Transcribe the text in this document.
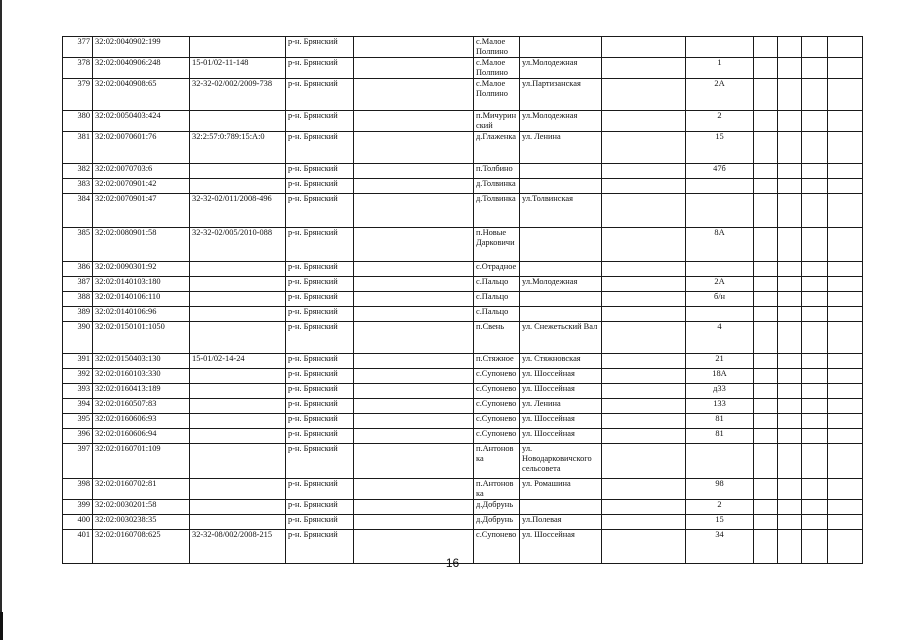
377	32:02:0040902:199		р-н. Брянский		с.Малое Полпино							
378	32:02:0040906:248	15-01/02-11-148	р-н. Брянский		с.Малое Полпино	ул.Молодежная		1				
379	32:02:0040908:65	32-32-02/002/2009-738	р-н. Брянский		с.Малое Полпино	ул.Партизанская		2А				
380	32:02:0050403:424		р-н. Брянский		п.Мичуринский	ул.Молодежная		2				
381	32:02:0070601:76	32:2:57:0:789:15:А:0	р-н. Брянский		д.Глаженка	ул. Ленина		15				
382	32:02:0070703:6		р-н. Брянский		п.Толбино			47б				
383	32:02:0070901:42		р-н. Брянский		д.Толвинка							
384	32:02:0070901:47	32-32-02/011/2008-496	р-н. Брянский		д.Толвинка	ул.Толвинская						
385	32:02:0080901:58	32-32-02/005/2010-088	р-н. Брянский		п.Новые Дарковичи			8А				
386	32:02:0090301:92		р-н. Брянский		с.Отрадное							
387	32:02:0140103:180		р-н. Брянский		с.Пальцо	ул.Молодежная		2А				
388	32:02:0140106:110		р-н. Брянский		с.Пальцо			б/н				
389	32:02:0140106:96		р-н. Брянский		с.Пальцо							
390	32:02:0150101:1050		р-н. Брянский		п.Свень	ул. Снежетьский Вал		4				
391	32:02:0150403:130	15-01/02-14-24	р-н. Брянский		п.Стяжное	ул. Стяжновская		21				
392	32:02:0160103:330		р-н. Брянский		с.Супонево	ул. Шоссейная		18А				
393	32:02:0160413:189		р-н. Брянский		с.Супонево	ул. Шоссейная		д33				
394	32:02:0160507:83		р-н. Брянский		с.Супонево	ул. Ленина		133				
395	32:02:0160606:93		р-н. Брянский		с.Супонево	ул. Шоссейная		81				
396	32:02:0160606:94		р-н. Брянский		с.Супонево	ул. Шоссейная		81				
397	32:02:0160701:109		р-н. Брянский		п.Антоновка	ул. Новодарковичского сельсовета						
398	32:02:0160702:81		р-н. Брянский		п.Антоновка	ул. Ромашина		98				
399	32:02:0030201:58		р-н. Брянский		д.Добрунь			2				
400	32:02:0030238:35		р-н. Брянский		д.Добрунь	ул.Полевая		15				
401	32:02:0160708:625	32-32-08/002/2008-215	р-н. Брянский		с.Супонево	ул. Шоссейная		34				
16
